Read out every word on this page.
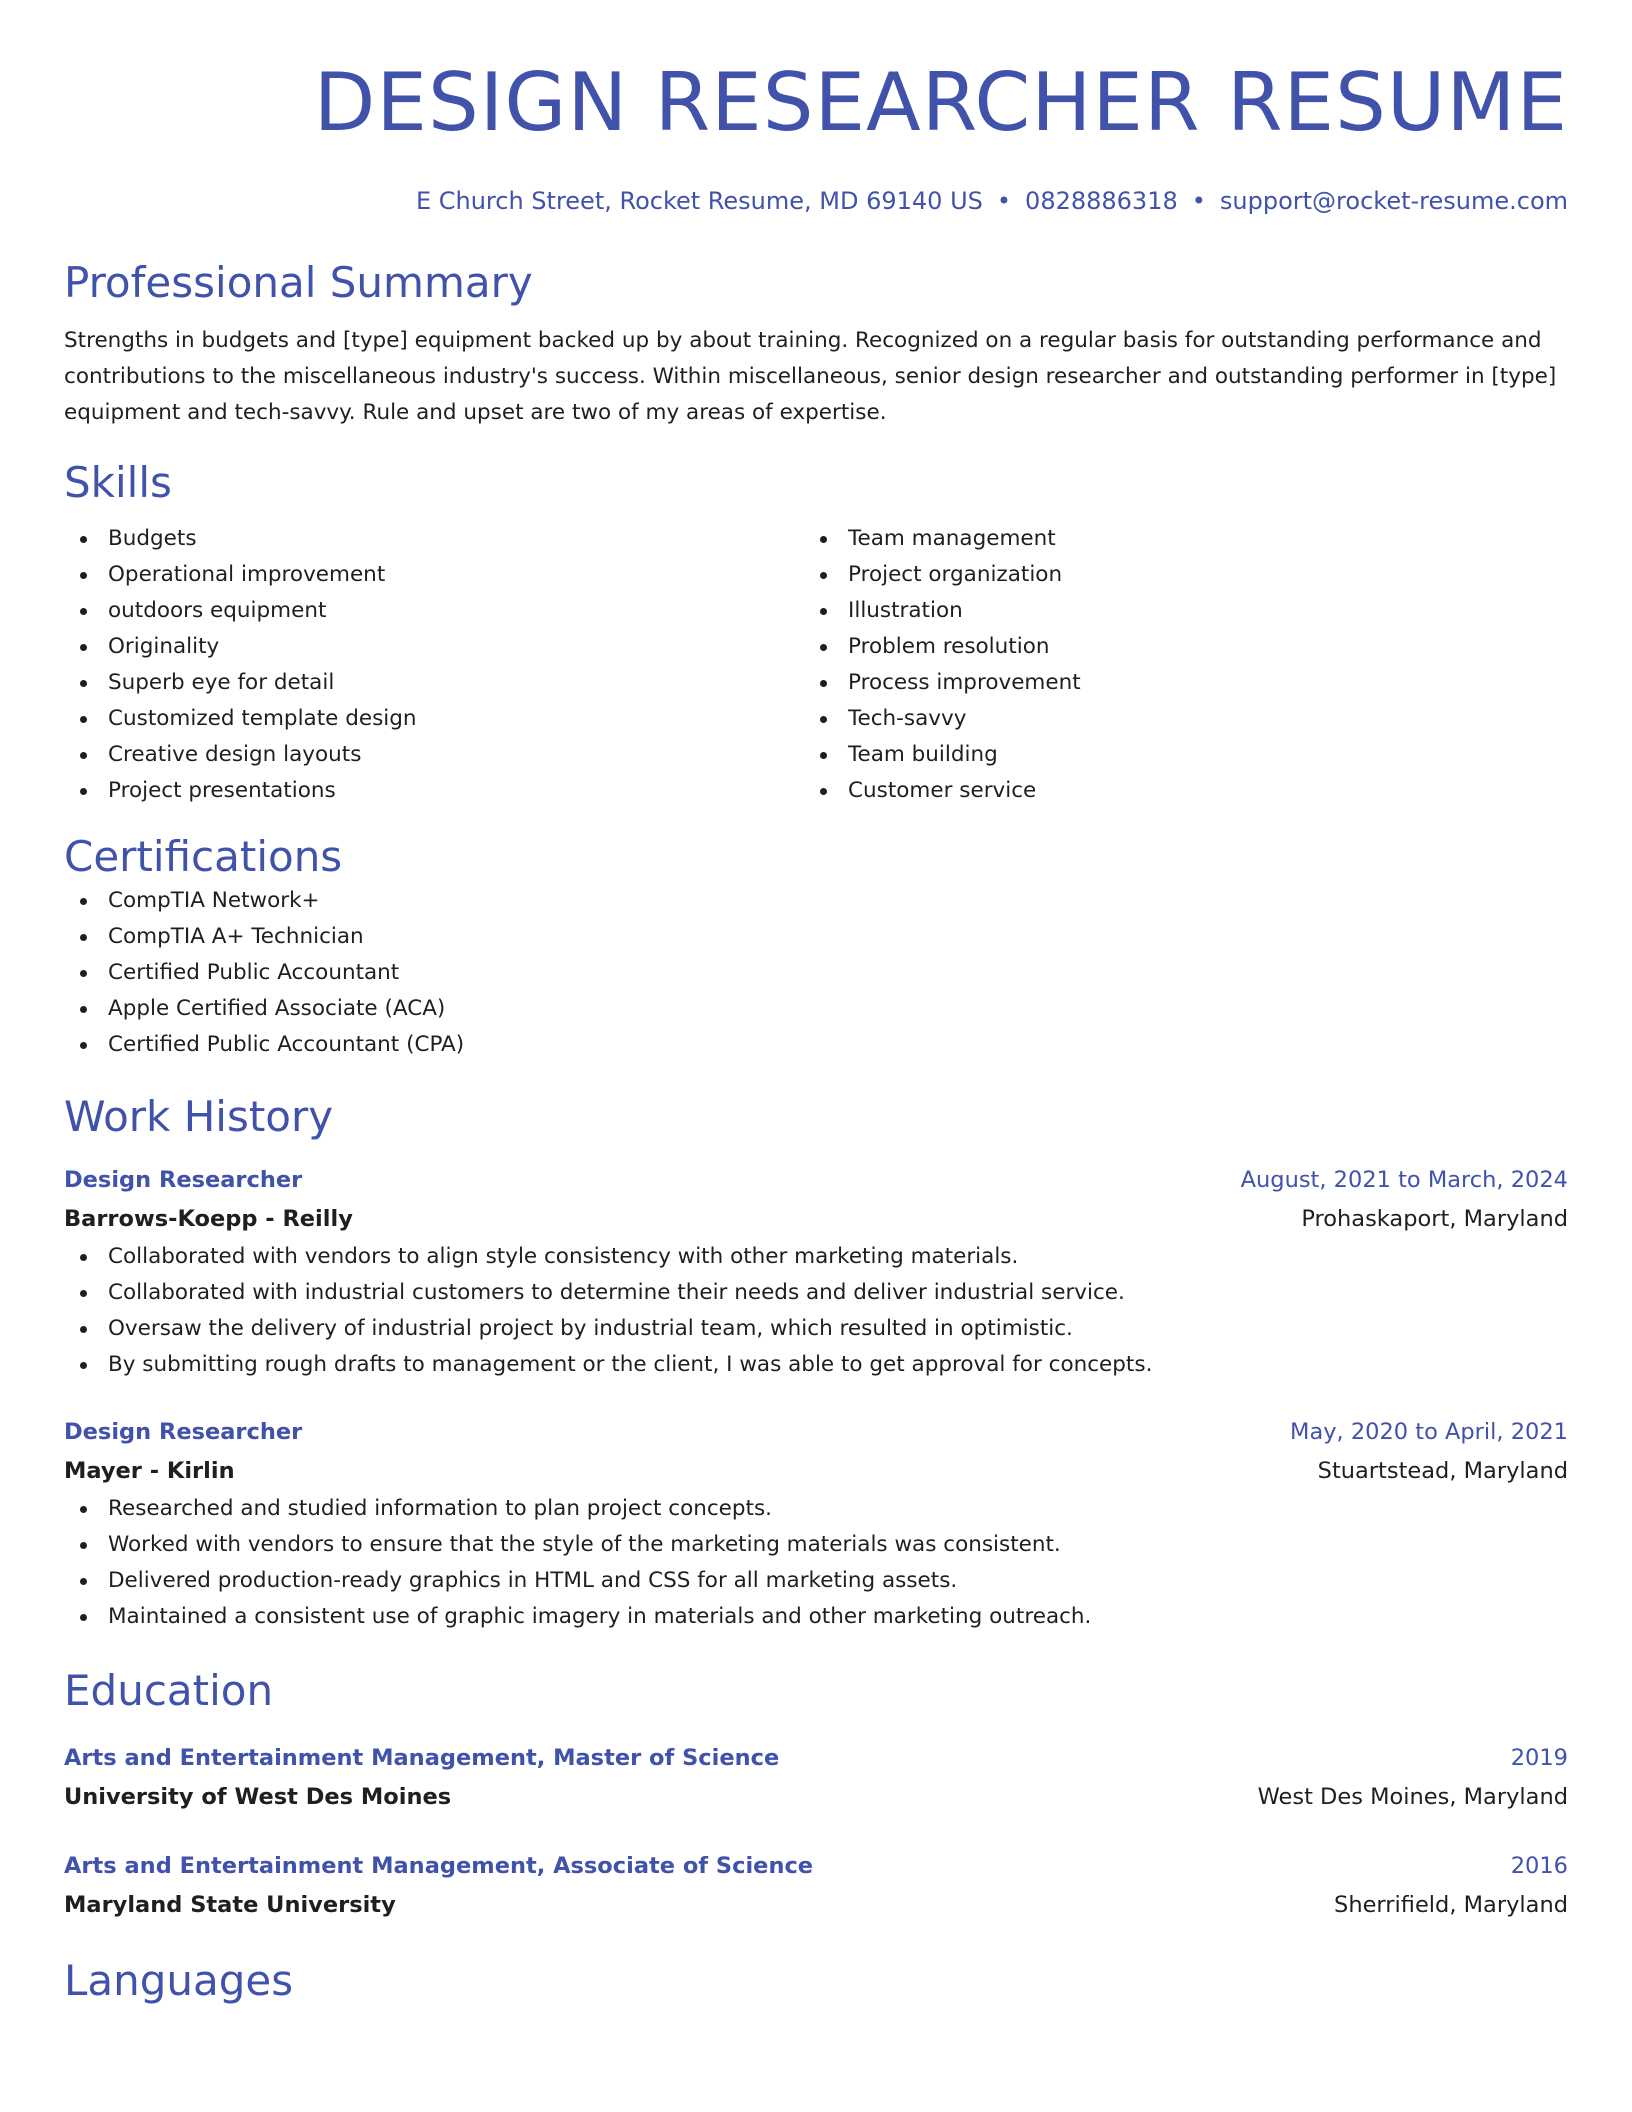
DESIGN RESEARCHER RESUME
E Church Street, Rocket Resume, MD 69140 US • 0828886318 • support@rocket-resume.com
Professional Summary

Strengths in budgets and [type] equipment backed up by about training. Recognized on a regular basis for outstanding performance and contributions to the miscellaneous industry's success. Within miscellaneous, senior design researcher and outstanding performer in [type] equipment and tech-savvy. Rule and upset are two of my areas of expertise.

Skills
Budgets
Operational improvement
outdoors equipment
Originality
Superb eye for detail
Customized template design
Creative design layouts
Project presentations
Team management
Project organization
Illustration
Problem resolution
Process improvement
Tech-savvy
Team building
Customer service
Certifications
CompTIA Network+
CompTIA A+ Technician
Certified Public Accountant
Apple Certified Associate (ACA)
Certified Public Accountant (CPA)
Work History
Design Researcher	August, 2021 to March, 2024
Barrows-Koepp - Reilly	Prohaskaport, Maryland
Collaborated with vendors to align style consistency with other marketing materials.
Collaborated with industrial customers to determine their needs and deliver industrial service.
Oversaw the delivery of industrial project by industrial team, which resulted in optimistic.
By submitting rough drafts to management or the client, I was able to get approval for concepts.
Design Researcher	May, 2020 to April, 2021
Mayer - Kirlin	Stuartstead, Maryland
Researched and studied information to plan project concepts.
Worked with vendors to ensure that the style of the marketing materials was consistent.
Delivered production-ready graphics in HTML and CSS for all marketing assets.
Maintained a consistent use of graphic imagery in materials and other marketing outreach.
Education
Arts and Entertainment Management, Master of Science	2019
University of West Des Moines	West Des Moines, Maryland
Arts and Entertainment Management, Associate of Science	2016
Maryland State University	Sherrifield, Maryland
Languages
